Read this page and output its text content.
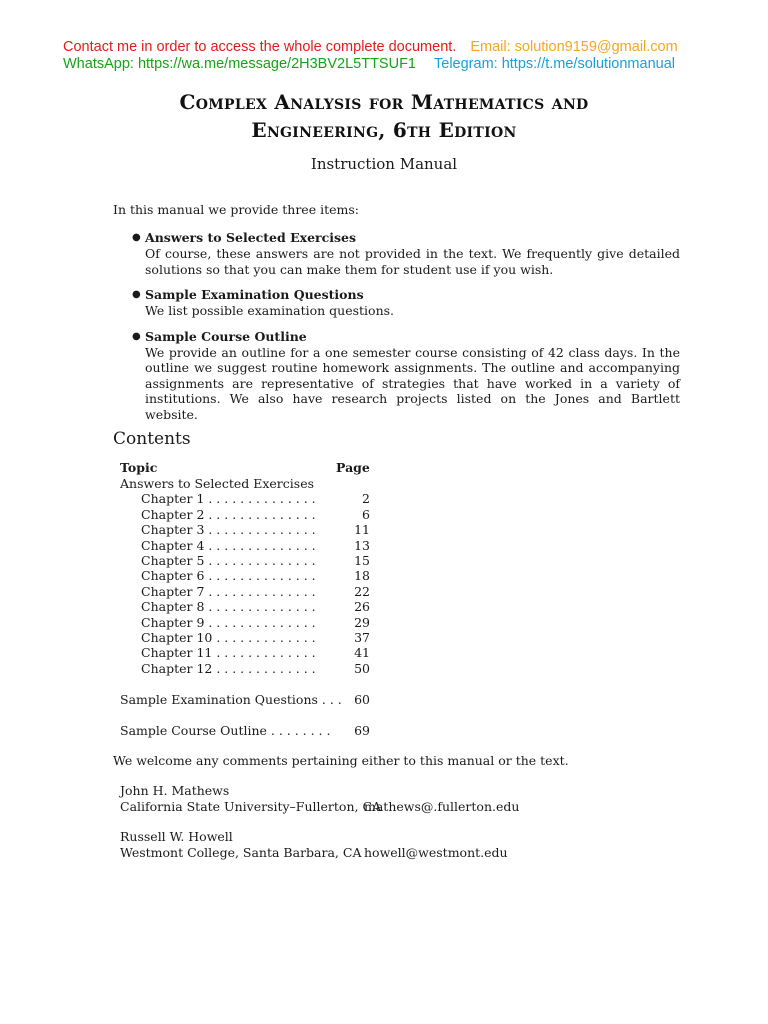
Contact me in order to access the whole complete document. Email: solution9159@gmail.com
WhatsApp: https://wa.me/message/2H3BV2L5TTSUF1 Telegram: https://t.me/solutionmanual
Complex Analysis for Mathematics and
Engineering, 6th Edition
Instruction Manual
In this manual we provide three items:
● Answers to Selected Exercises
Of course, these answers are not provided in the text. We frequently give detailed solutions so that you can make them for student use if you wish.
● Sample Examination Questions
We list possible examination questions.
● Sample Course Outline
We provide an outline for a one semester course consisting of 42 class days. In the outline we suggest routine homework assignments. The outline and accompanying assignments are representative of strategies that have worked in a variety of institutions. We also have research projects listed on the Jones and Bartlett website.
Contents
Topic	Page
Answers to Selected Exercises
Chapter 1 . . . . . . . . . . . . . .	2
Chapter 2 . . . . . . . . . . . . . .	6
Chapter 3 . . . . . . . . . . . . . .	11
Chapter 4 . . . . . . . . . . . . . .	13
Chapter 5 . . . . . . . . . . . . . .	15
Chapter 6 . . . . . . . . . . . . . .	18
Chapter 7 . . . . . . . . . . . . . .	22
Chapter 8 . . . . . . . . . . . . . .	26
Chapter 9 . . . . . . . . . . . . . .	29
Chapter 10 . . . . . . . . . . . . .	37
Chapter 11 . . . . . . . . . . . . .	41
Chapter 12 . . . . . . . . . . . . .	50
Sample Examination Questions . . . 60
Sample Course Outline . . . . . . . .	69
We welcome any comments pertaining either to this manual or the text.
John H. Mathews
California State University–Fullerton, CA
mathews@.fullerton.edu
Russell W. Howell
Westmont College, Santa Barbara, CA howell@westmont.edu
